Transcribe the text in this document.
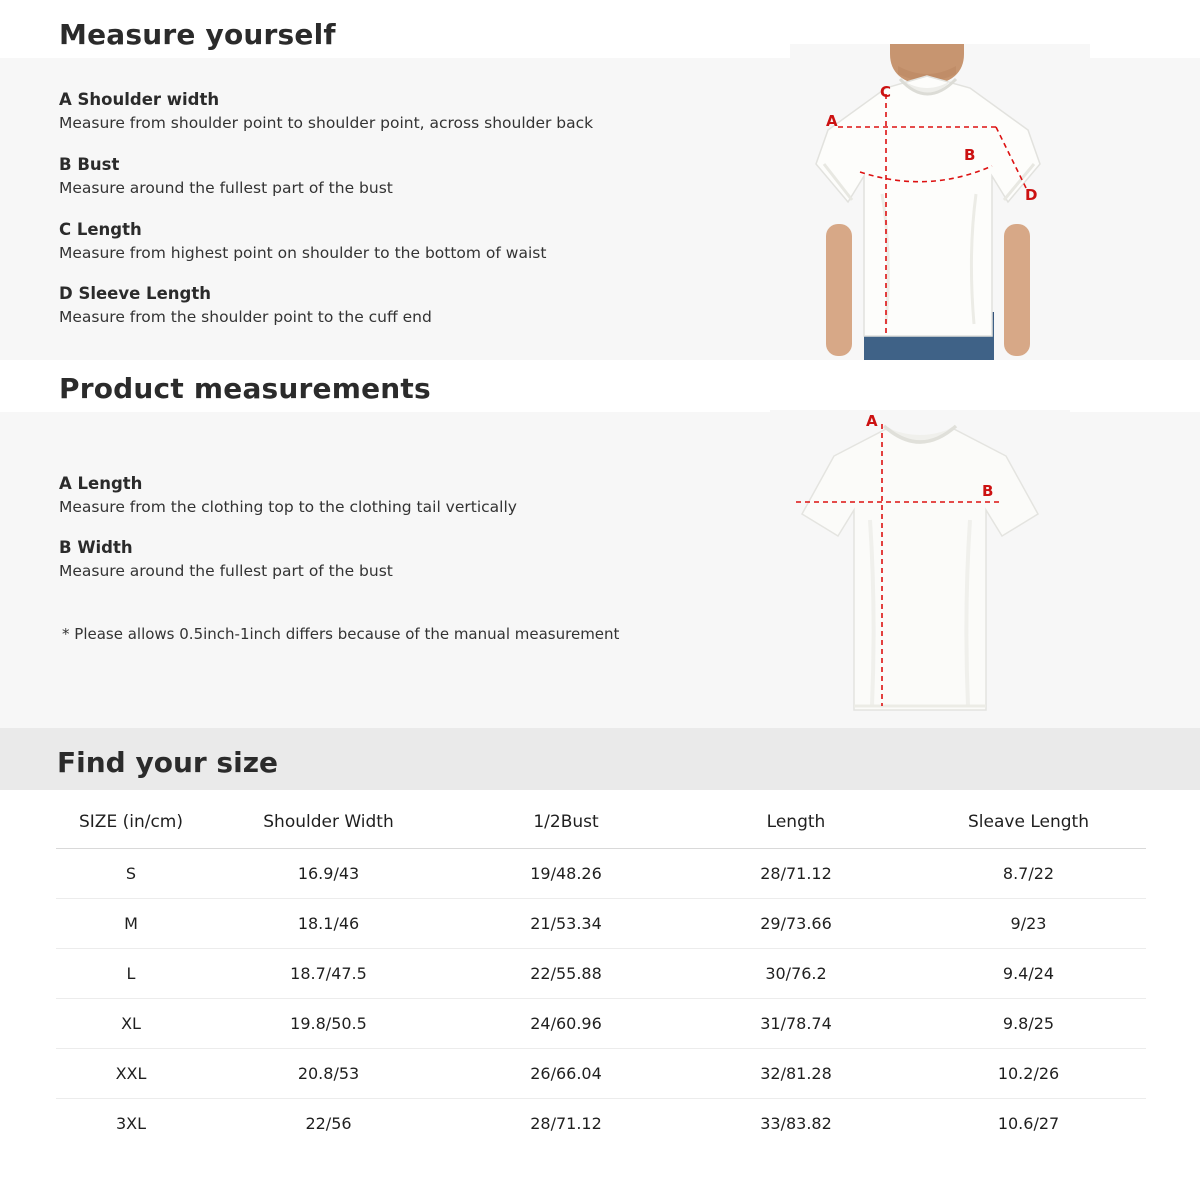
Measure yourself
A Shoulder width
Measure from shoulder point to shoulder point, across shoulder back
B Bust
Measure around the fullest part of the bust
C Length
Measure from highest point on shoulder to the bottom of waist
D Sleeve Length
Measure from the shoulder point to the cuff end
A
B
C
D
Product measurements
A Length
Measure from the clothing top to the clothing tail vertically
B Width
Measure around the fullest part of the bust
* Please allows 0.5inch-1inch differs because of the manual measurement
A
B
Find your size
SIZE (in/cm)	Shoulder Width	1/2Bust	Length	Sleave Length
S	16.9/43	19/48.26	28/71.12	8.7/22
M	18.1/46	21/53.34	29/73.66	9/23
L	18.7/47.5	22/55.88	30/76.2	9.4/24
XL	19.8/50.5	24/60.96	31/78.74	9.8/25
XXL	20.8/53	26/66.04	32/81.28	10.2/26
3XL	22/56	28/71.12	33/83.82	10.6/27
